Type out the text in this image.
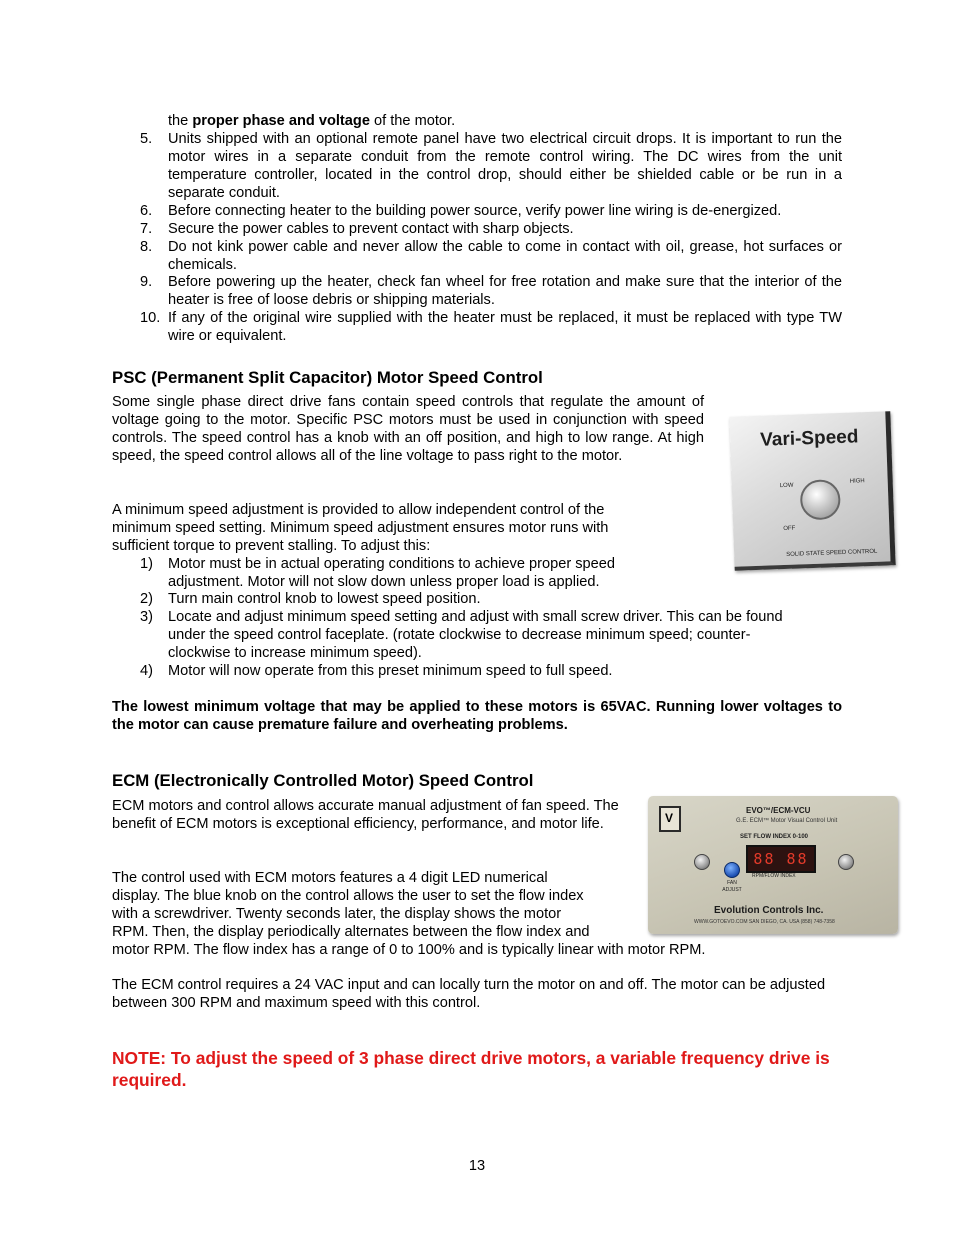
the proper phase and voltage of the motor.
5.	Units shipped with an optional remote panel have two electrical circuit drops. It is important to run the motor wires in a separate conduit from the remote control wiring. The DC wires from the unit temperature controller, located in the control drop, should either be shielded cable or be run in a separate conduit.
6.	Before connecting heater to the building power source, verify power line wiring is de-energized.
7.	Secure the power cables to prevent contact with sharp objects.
8.	Do not kink power cable and never allow the cable to come in contact with oil, grease, hot surfaces or chemicals.
9.	Before powering up the heater, check fan wheel for free rotation and make sure that the interior of the heater is free of loose debris or shipping materials.
10. If any of the original wire supplied with the heater must be replaced, it must be replaced with type TW wire or equivalent.
PSC (Permanent Split Capacitor) Motor Speed Control
Some single phase direct drive fans contain speed controls that regulate the amount of voltage going to the motor. Specific PSC motors must be used in conjunction with speed controls. The speed control has a knob with an off position, and high to low range. At high speed, the speed control allows all of the line voltage to pass right to the motor.
A minimum speed adjustment is provided to allow independent control of the minimum speed setting. Minimum speed adjustment ensures motor runs with sufficient torque to prevent stalling. To adjust this:
1)	Motor must be in actual operating conditions to achieve proper speed adjustment. Motor will not slow down unless proper load is applied.
2)	Turn main control knob to lowest speed position.
3)	Locate and adjust minimum speed setting and adjust with small screw driver. This can be found under the speed control faceplate. (rotate clockwise to decrease minimum speed; counter-clockwise to increase minimum speed).
4)	Motor will now operate from this preset minimum speed to full speed.
The lowest minimum voltage that may be applied to these motors is 65VAC. Running lower voltages to the motor can cause premature failure and overheating problems.
Vari-Speed
LOW
HIGH
OFF
SOLID STATE SPEED CONTROL
ECM (Electronically Controlled Motor) Speed Control
ECM motors and control allows accurate manual adjustment of fan speed. The benefit of ECM motors is exceptional efficiency, performance, and motor life.
The control used with ECM motors features a 4 digit LED numerical
display. The blue knob on the control allows the user to set the flow index
with a screwdriver. Twenty seconds later, the display shows the motor
RPM. Then, the display periodically alternates between the flow index and
motor RPM. The flow index has a range of 0 to 100% and is typically linear with motor RPM.
The ECM control requires a 24 VAC input and can locally turn the motor on and off. The motor can be adjusted between 300 RPM and maximum speed with this control.
V
EVO™/ECM-VCU
G.E. ECM™ Motor Visual Control Unit
SET FLOW INDEX 0-100
88 88
FAN ADJUST
RPM/FLOW INDEX
Evolution Controls Inc.
WWW.GOTOEVO.COM SAN DIEGO, CA. USA (858) 748-7358
NOTE: To adjust the speed of 3 phase direct drive motors, a variable frequency drive is required.
13
